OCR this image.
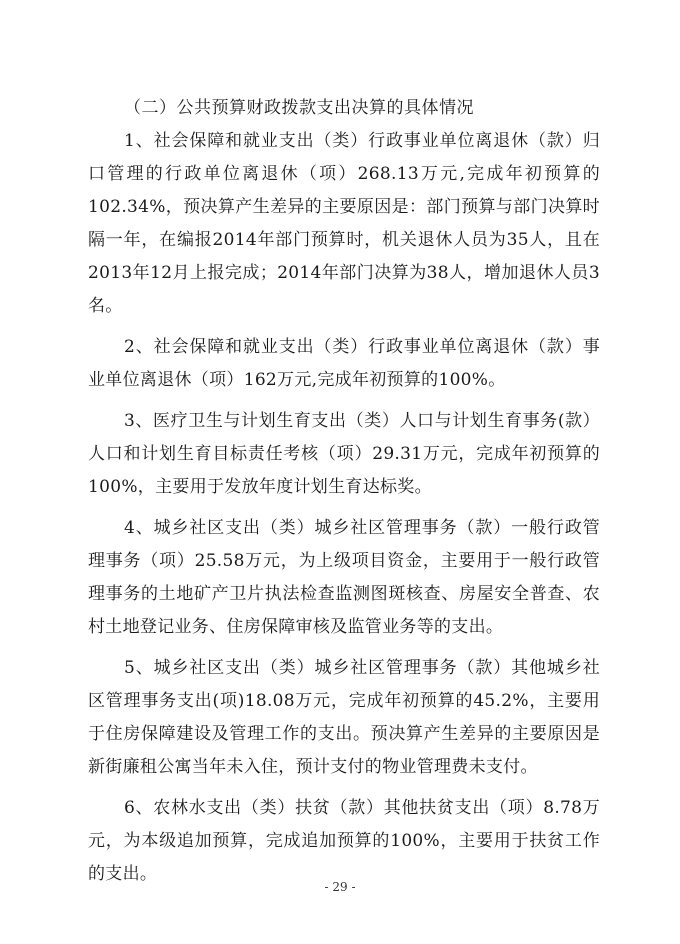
（二）公共预算财政拨款支出决算的具体情况

1、社会保障和就业支出（类）行政事业单位离退休（款）归口管理的行政单位离退休（项）268.13万元,完成年初预算的102.34%，预决算产生差异的主要原因是：部门预算与部门决算时隔一年，在编报2014年部门预算时，机关退休人员为35人，且在2013年12月上报完成；2014年部门决算为38人，增加退休人员3名。

2、社会保障和就业支出（类）行政事业单位离退休（款）事业单位离退休（项）162万元,完成年初预算的100%。

3、医疗卫生与计划生育支出（类）人口与计划生育事务(款）人口和计划生育目标责任考核（项）29.31万元，完成年初预算的100%，主要用于发放年度计划生育达标奖。

4、城乡社区支出（类）城乡社区管理事务（款）一般行政管理事务（项）25.58万元，为上级项目资金，主要用于一般行政管理事务的土地矿产卫片执法检查监测图斑核查、房屋安全普查、农村土地登记业务、住房保障审核及监管业务等的支出。

5、城乡社区支出（类）城乡社区管理事务（款）其他城乡社区管理事务支出(项)18.08万元，完成年初预算的45.2%，主要用于住房保障建设及管理工作的支出。预决算产生差异的主要原因是新街廉租公寓当年未入住，预计支付的物业管理费未支付。

6、农林水支出（类）扶贫（款）其他扶贫支出（项）8.78万元，为本级追加预算，完成追加预算的100%，主要用于扶贫工作的支出。

- 29 -
